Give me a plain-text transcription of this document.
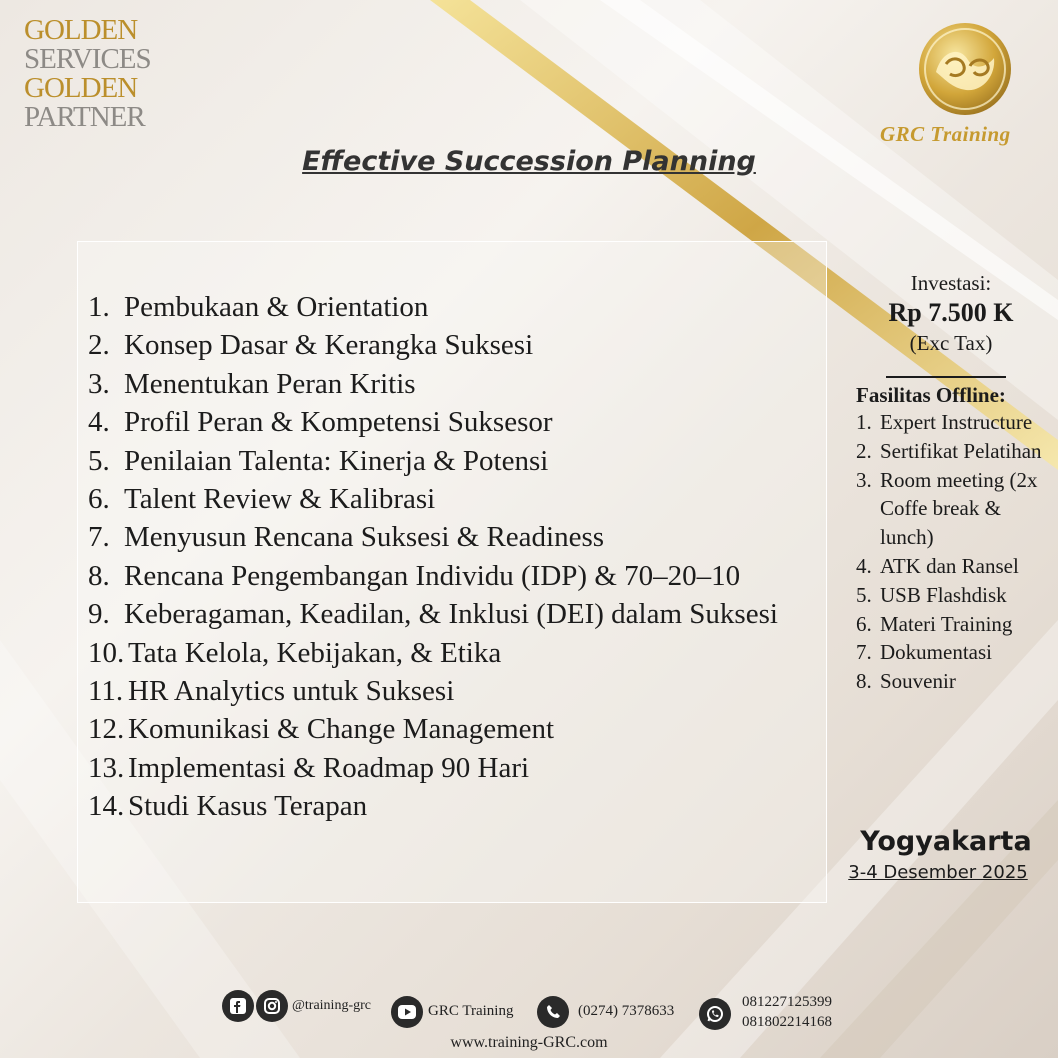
GOLDEN
SERVICES
GOLDEN
PARTNER
GRC Training
Effective Succession Planning
1. Pembukaan & Orientation
2. Konsep Dasar & Kerangka Suksesi
3. Menentukan Peran Kritis
4. Profil Peran & Kompetensi Suksesor
5. Penilaian Talenta: Kinerja & Potensi
6. Talent Review & Kalibrasi
7. Menyusun Rencana Suksesi & Readiness
8. Rencana Pengembangan Individu (IDP) & 70–20–10
9. Keberagaman, Keadilan, & Inklusi (DEI) dalam Suksesi
10. Tata Kelola, Kebijakan, & Etika
11. HR Analytics untuk Suksesi
12. Komunikasi & Change Management
13. Implementasi & Roadmap 90 Hari
14. Studi Kasus Terapan
Investasi:
Rp 7.500 K
(Exc Tax)
Fasilitas Offline:
1. Expert Instructure
2. Sertifikat Pelatihan
3. Room meeting (2x Coffe break & lunch)
4. ATK dan Ransel
5. USB Flashdisk
6. Materi Training
7. Dokumentasi
8. Souvenir
Yogyakarta
3-4 Desember 2025
@training-grc	GRC Training	(0274) 7378633
081227125399
081802214168
www.training-GRC.com
